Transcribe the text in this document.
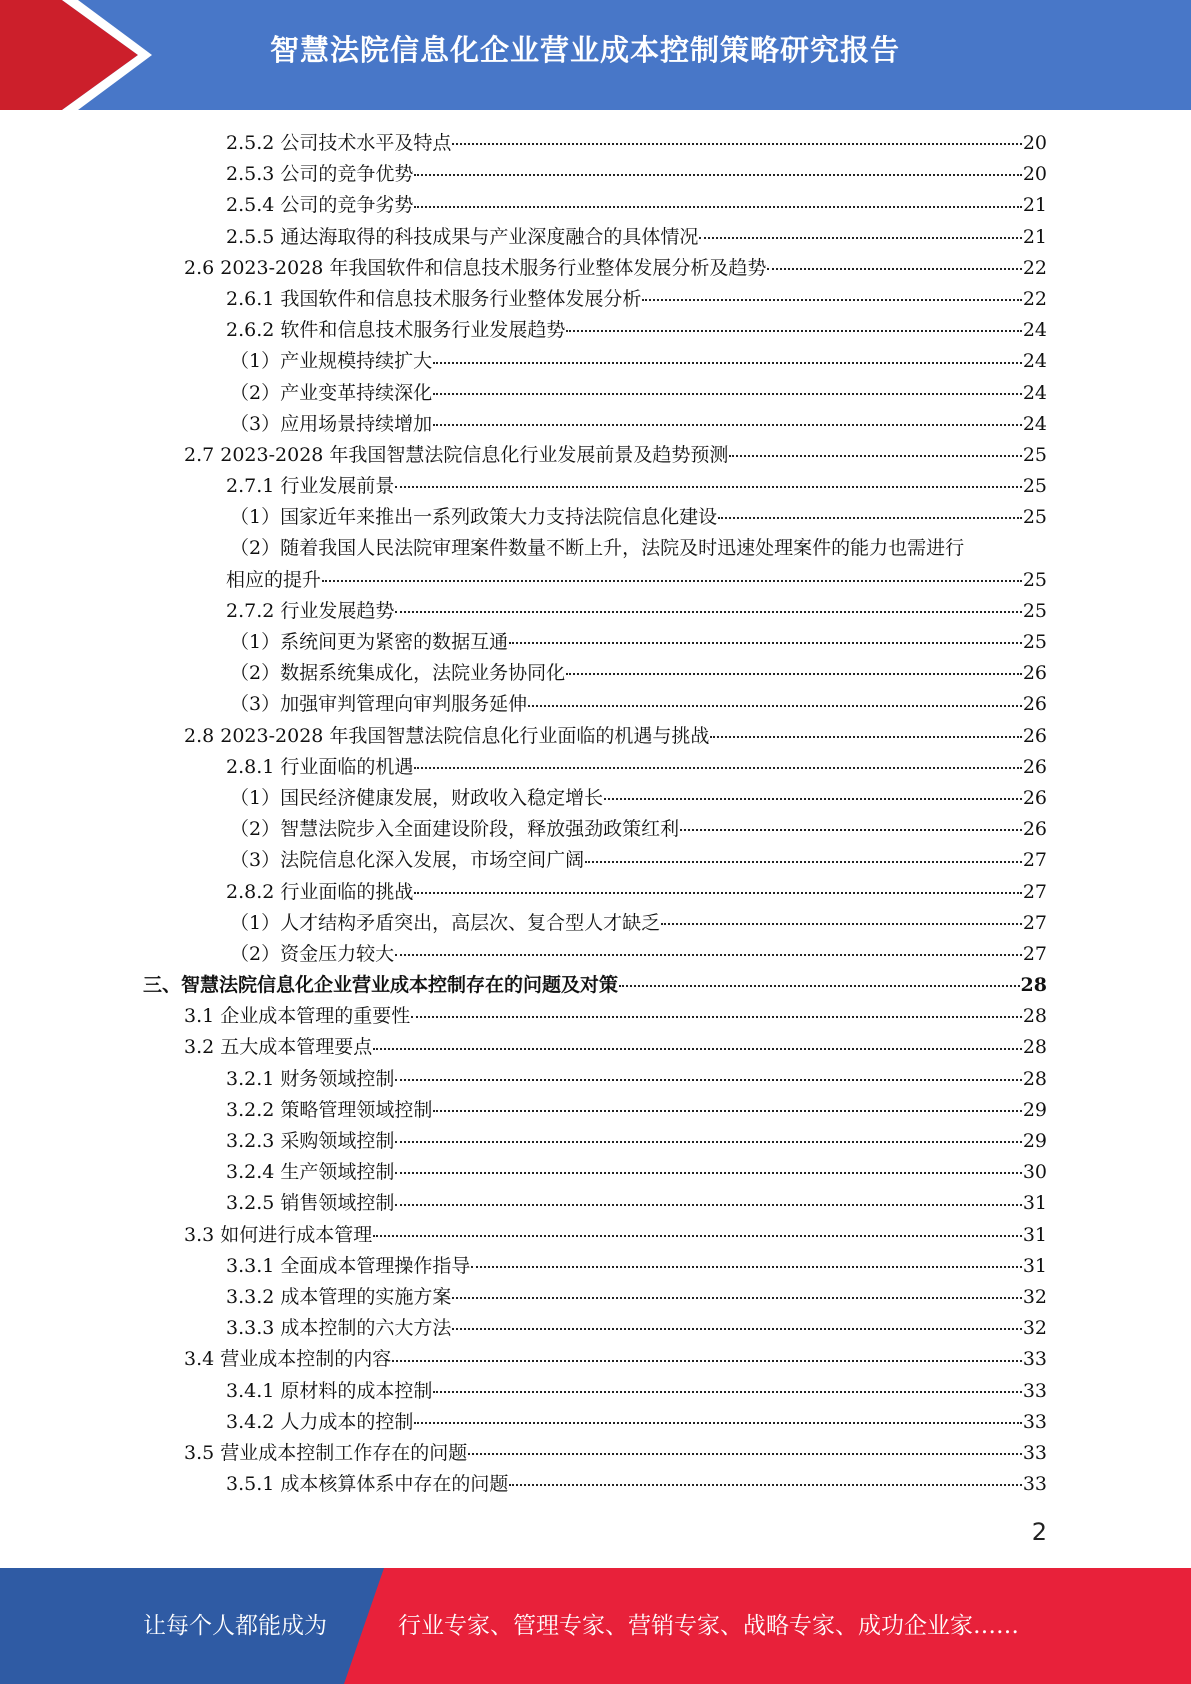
智慧法院信息化企业营业成本控制策略研究报告
2.5.2 公司技术水平及特点	20
2.5.3 公司的竞争优势	20
2.5.4 公司的竞争劣势	21
2.5.5 通达海取得的科技成果与产业深度融合的具体情况	21
2.6 2023-2028 年我国软件和信息技术服务行业整体发展分析及趋势	22
2.6.1 我国软件和信息技术服务行业整体发展分析	22
2.6.2 软件和信息技术服务行业发展趋势	24
（1）产业规模持续扩大	24
（2）产业变革持续深化	24
（3）应用场景持续增加	24
2.7 2023-2028 年我国智慧法院信息化行业发展前景及趋势预测	25
2.7.1 行业发展前景	25
（1）国家近年来推出一系列政策大力支持法院信息化建设	25
（2）随着我国人民法院审理案件数量不断上升，法院及时迅速处理案件的能力也需进行
相应的提升	25
2.7.2 行业发展趋势	25
（1）系统间更为紧密的数据互通	25
（2）数据系统集成化，法院业务协同化	26
（3）加强审判管理向审判服务延伸	26
2.8 2023-2028 年我国智慧法院信息化行业面临的机遇与挑战	26
2.8.1 行业面临的机遇	26
（1）国民经济健康发展，财政收入稳定增长	26
（2）智慧法院步入全面建设阶段，释放强劲政策红利	26
（3）法院信息化深入发展，市场空间广阔	27
2.8.2 行业面临的挑战	27
（1）人才结构矛盾突出，高层次、复合型人才缺乏	27
（2）资金压力较大	27
三、智慧法院信息化企业营业成本控制存在的问题及对策	28
3.1 企业成本管理的重要性	28
3.2 五大成本管理要点	28
3.2.1 财务领域控制	28
3.2.2 策略管理领域控制	29
3.2.3 采购领域控制	29
3.2.4 生产领域控制	30
3.2.5 销售领域控制	31
3.3 如何进行成本管理	31
3.3.1 全面成本管理操作指导	31
3.3.2 成本管理的实施方案	32
3.3.3 成本控制的六大方法	32
3.4 营业成本控制的内容	33
3.4.1 原材料的成本控制	33
3.4.2 人力成本的控制	33
3.5 营业成本控制工作存在的问题	33
3.5.1 成本核算体系中存在的问题	33
2
让每个人都能成为	行业专家、管理专家、营销专家、战略专家、成功企业家……
